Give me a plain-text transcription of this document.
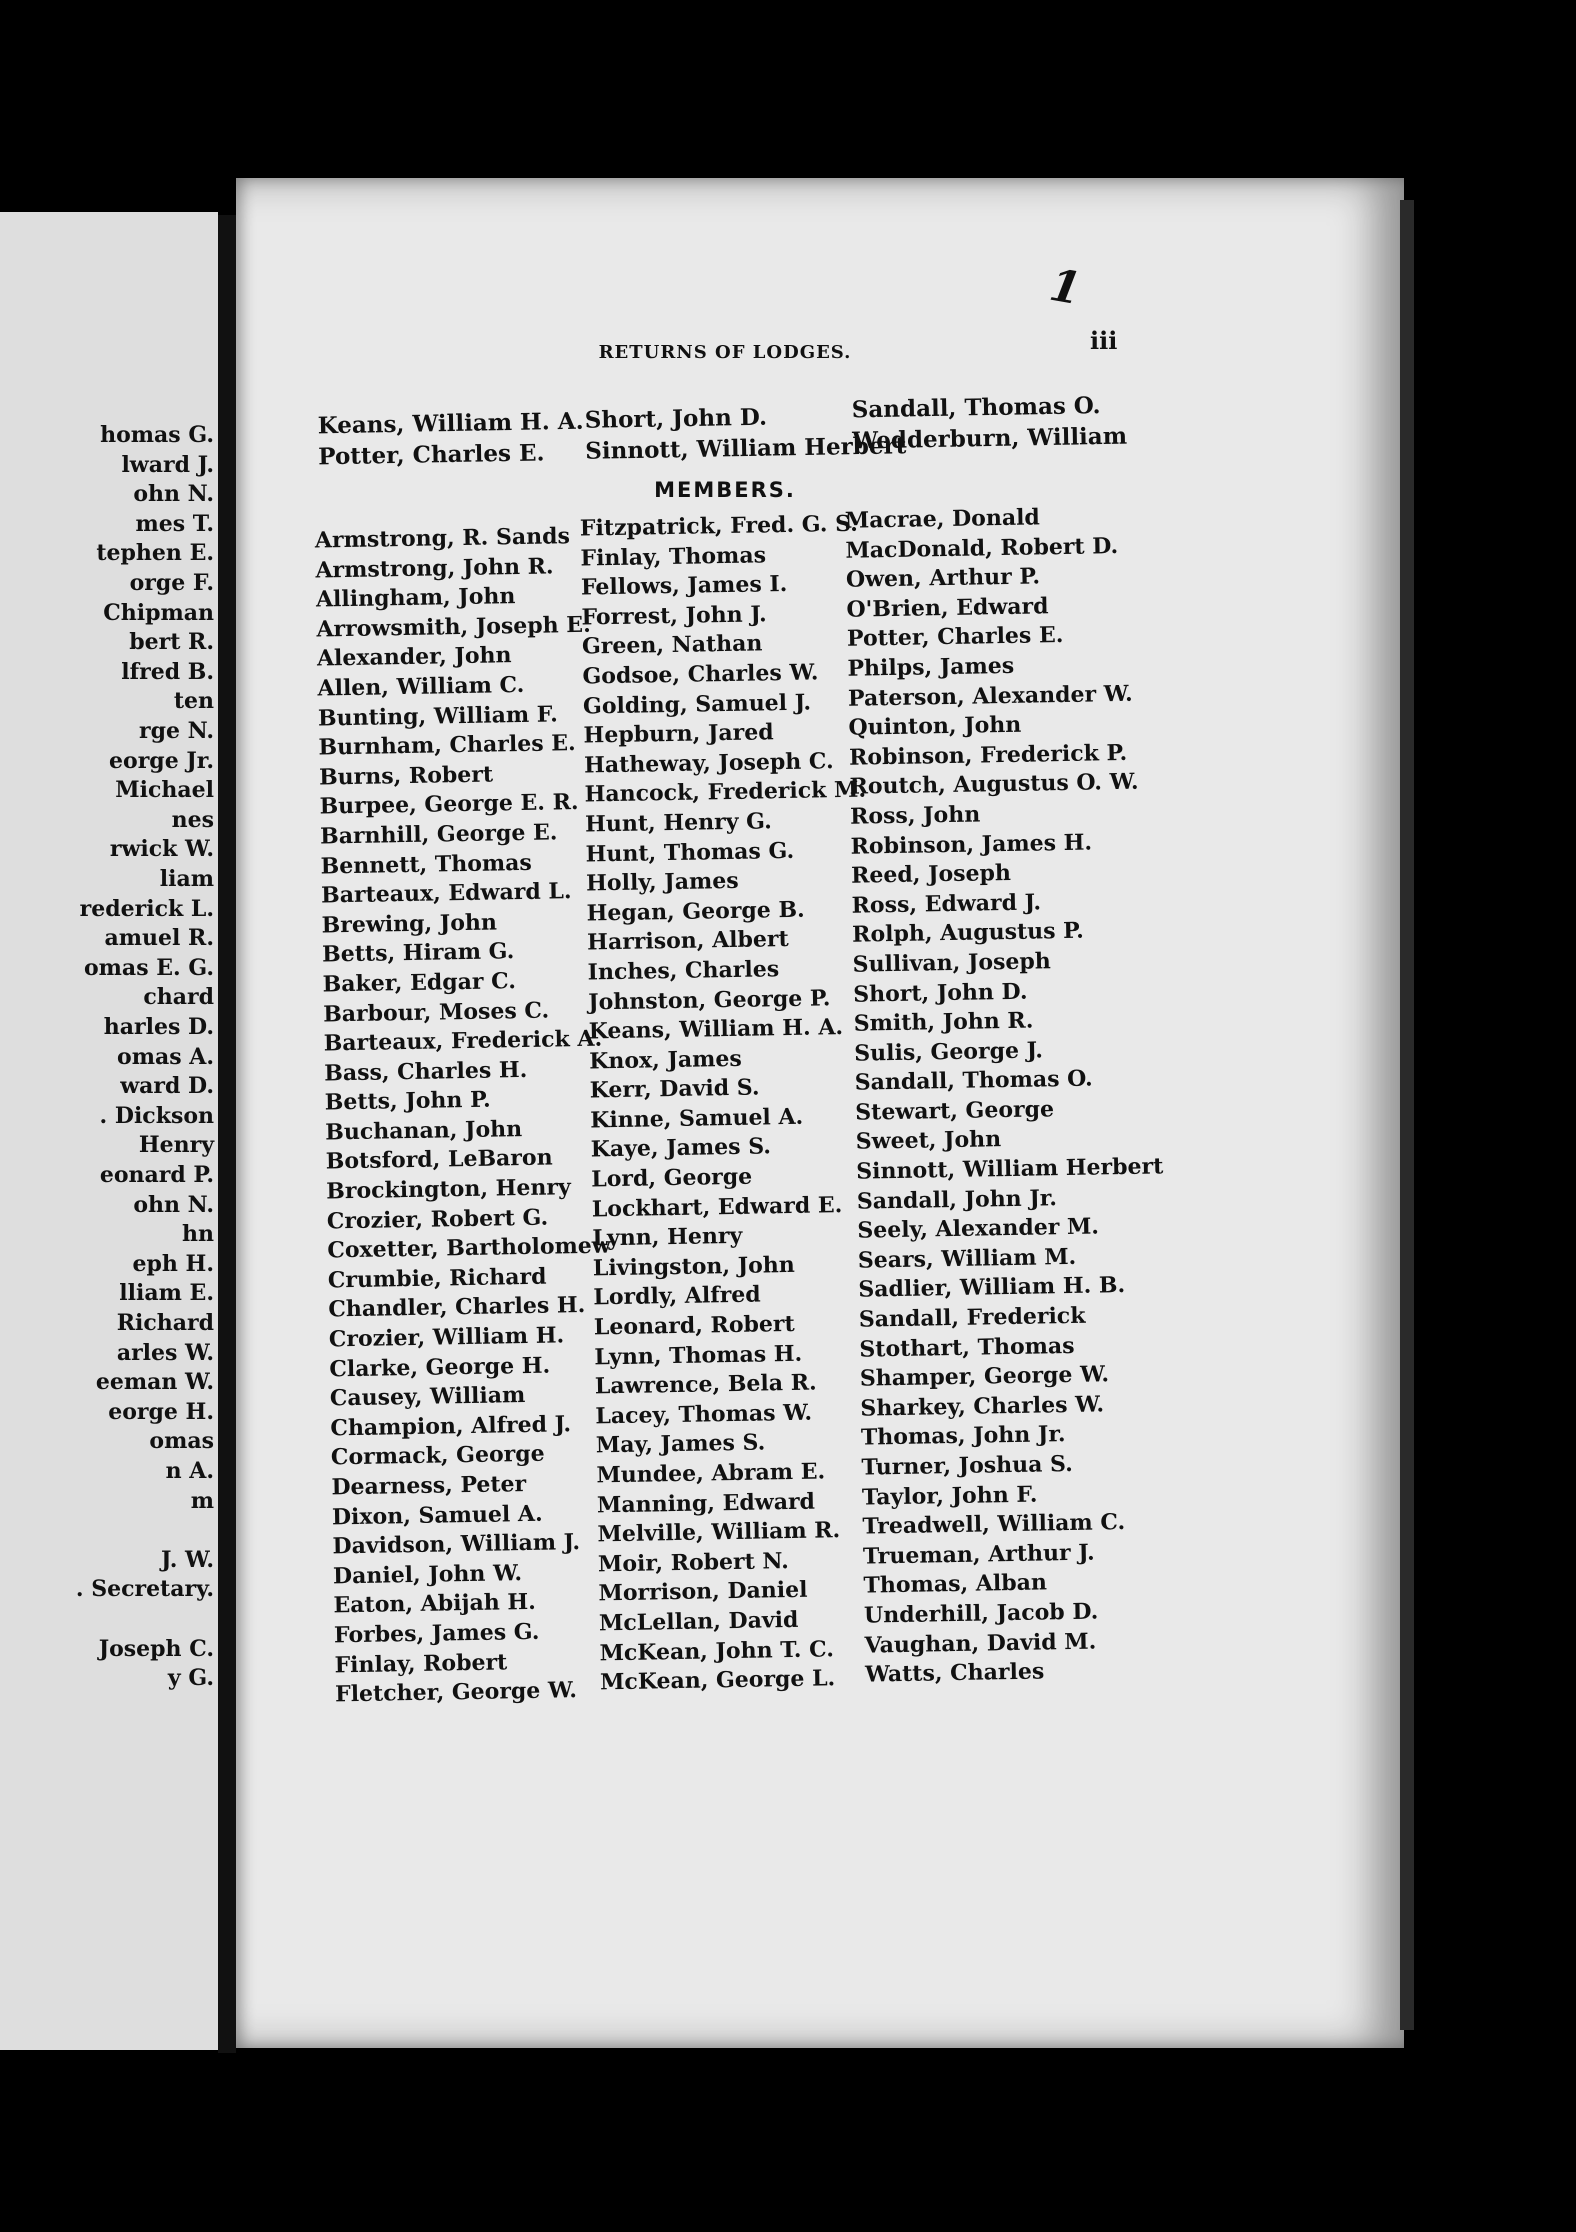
homas G.
lward J.
ohn N.
mes T.
tephen E.
orge F.
Chipman
bert R.
lfred B.
ten
rge N.
eorge Jr.
Michael
nes
rwick W.
liam
rederick L.
amuel R.
omas E. G.
chard
harles D.
omas A.
ward D.
. Dickson
Henry
eonard P.
ohn N.
hn
eph H.
lliam E.
Richard
arles W.
eeman W.
eorge H.
omas
n A.
m
J. W.
. Secretary.
Joseph C.
y G.
1
RETURNS OF LODGES.	iii
Keans, William H. A.
Potter, Charles E.
Short, John D.
Sinnott, William Herbert
Sandall, Thomas O.
Wedderburn, William
MEMBERS.
Armstrong, R. Sands
Armstrong, John R.
Allingham, John
Arrowsmith, Joseph E.
Alexander, John
Allen, William C.
Bunting, William F.
Burnham, Charles E.
Burns, Robert
Burpee, George E. R.
Barnhill, George E.
Bennett, Thomas
Barteaux, Edward L.
Brewing, John
Betts, Hiram G.
Baker, Edgar C.
Barbour, Moses C.
Barteaux, Frederick A.
Bass, Charles H.
Betts, John P.
Buchanan, John
Botsford, LeBaron
Brockington, Henry
Crozier, Robert G.
Coxetter, Bartholomew
Crumbie, Richard
Chandler, Charles H.
Crozier, William H.
Clarke, George H.
Causey, William
Champion, Alfred J.
Cormack, George
Dearness, Peter
Dixon, Samuel A.
Davidson, William J.
Daniel, John W.
Eaton, Abijah H.
Forbes, James G.
Finlay, Robert
Fletcher, George W.
Fitzpatrick, Fred. G. S.
Finlay, Thomas
Fellows, James I.
Forrest, John J.
Green, Nathan
Godsoe, Charles W.
Golding, Samuel J.
Hepburn, Jared
Hatheway, Joseph C.
Hancock, Frederick M.
Hunt, Henry G.
Hunt, Thomas G.
Holly, James
Hegan, George B.
Harrison, Albert
Inches, Charles
Johnston, George P.
Keans, William H. A.
Knox, James
Kerr, David S.
Kinne, Samuel A.
Kaye, James S.
Lord, George
Lockhart, Edward E.
Lynn, Henry
Livingston, John
Lordly, Alfred
Leonard, Robert
Lynn, Thomas H.
Lawrence, Bela R.
Lacey, Thomas W.
May, James S.
Mundee, Abram E.
Manning, Edward
Melville, William R.
Moir, Robert N.
Morrison, Daniel
McLellan, David
McKean, John T. C.
McKean, George L.
Macrae, Donald
MacDonald, Robert D.
Owen, Arthur P.
O'Brien, Edward
Potter, Charles E.
Philps, James
Paterson, Alexander W.
Quinton, John
Robinson, Frederick P.
Routch, Augustus O. W.
Ross, John
Robinson, James H.
Reed, Joseph
Ross, Edward J.
Rolph, Augustus P.
Sullivan, Joseph
Short, John D.
Smith, John R.
Sulis, George J.
Sandall, Thomas O.
Stewart, George
Sweet, John
Sinnott, William Herbert
Sandall, John Jr.
Seely, Alexander M.
Sears, William M.
Sadlier, William H. B.
Sandall, Frederick
Stothart, Thomas
Shamper, George W.
Sharkey, Charles W.
Thomas, John Jr.
Turner, Joshua S.
Taylor, John F.
Treadwell, William C.
Trueman, Arthur J.
Thomas, Alban
Underhill, Jacob D.
Vaughan, David M.
Watts, Charles
